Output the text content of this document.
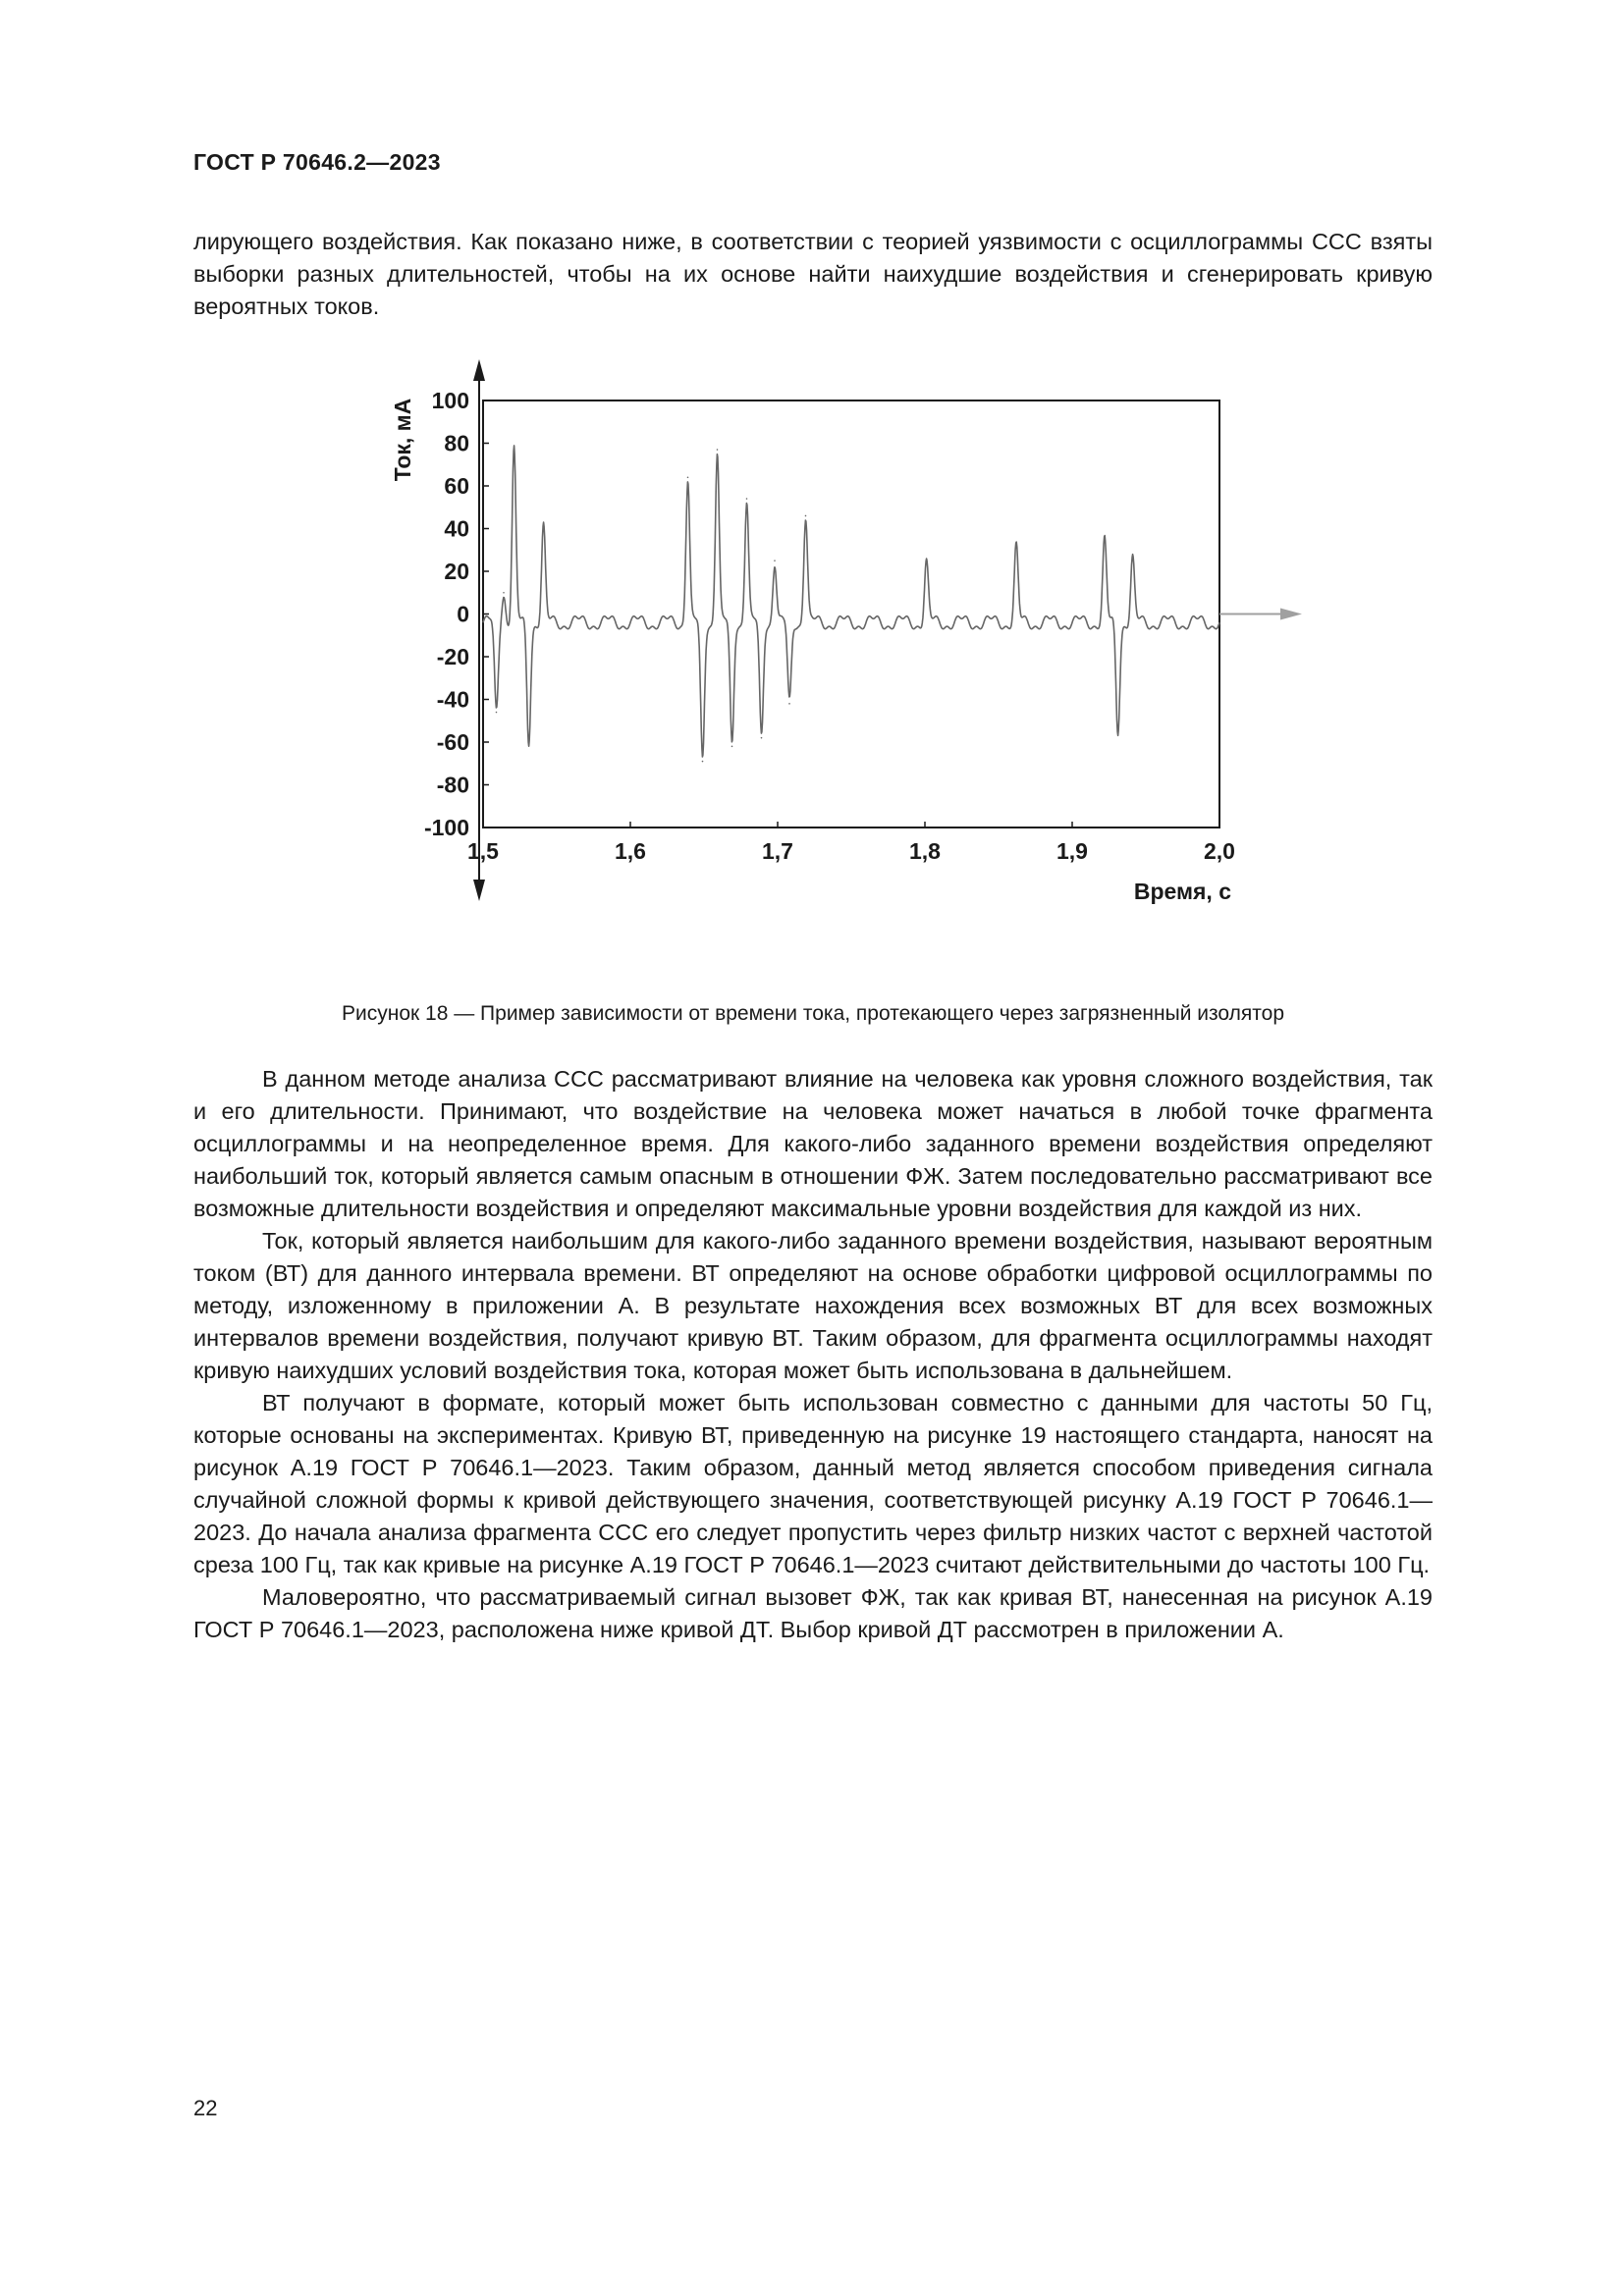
ГОСТ Р 70646.2—2023

лирующего воздействия. Как показано ниже, в соответствии с теорией уязвимости с осциллограммы ССС взяты выборки разных длительностей, чтобы на их основе найти наихудшие воздействия и сгенерировать кривую вероятных токов.

100
80
60
40
20
0
-20
-40
-60
-80
-100
1,5	1,6	1,7	1,8	1,9	2,0
Время, с
Ток, мА
Рисунок 18 — Пример зависимости от времени тока, протекающего через загрязненный изолятор

В данном методе анализа ССС рассматривают влияние на человека как уровня сложного воздействия, так и его длительности. Принимают, что воздействие на человека может начаться в любой точке фрагмента осциллограммы и на неопределенное время. Для какого-либо заданного времени воздействия определяют наибольший ток, который является самым опасным в отношении ФЖ. Затем последовательно рассматривают все возможные длительности воздействия и определяют максимальные уровни воздействия для каждой из них.

Ток, который является наибольшим для какого-либо заданного времени воздействия, называют вероятным током (ВТ) для данного интервала времени. ВТ определяют на основе обработки цифровой осциллограммы по методу, изложенному в приложении А. В результате нахождения всех возможных ВТ для всех возможных интервалов времени воздействия, получают кривую ВТ. Таким образом, для фрагмента осциллограммы находят кривую наихудших условий воздействия тока, которая может быть использована в дальнейшем.

ВТ получают в формате, который может быть использован совместно с данными для частоты 50 Гц, которые основаны на экспериментах. Кривую ВТ, приведенную на рисунке 19 настоящего стандарта, наносят на рисунок А.19 ГОСТ Р 70646.1—2023. Таким образом, данный метод является способом приведения сигнала случайной сложной формы к кривой действующего значения, соответствующей рисунку А.19 ГОСТ Р 70646.1—2023. До начала анализа фрагмента ССС его следует пропустить через фильтр низких частот с верхней частотой среза 100 Гц, так как кривые на рисунке А.19 ГОСТ Р 70646.1—2023 считают действительными до частоты 100 Гц.

Маловероятно, что рассматриваемый сигнал вызовет ФЖ, так как кривая ВТ, нанесенная на рисунок А.19 ГОСТ Р 70646.1—2023, расположена ниже кривой ДТ. Выбор кривой ДТ рассмотрен в приложении А.

22
